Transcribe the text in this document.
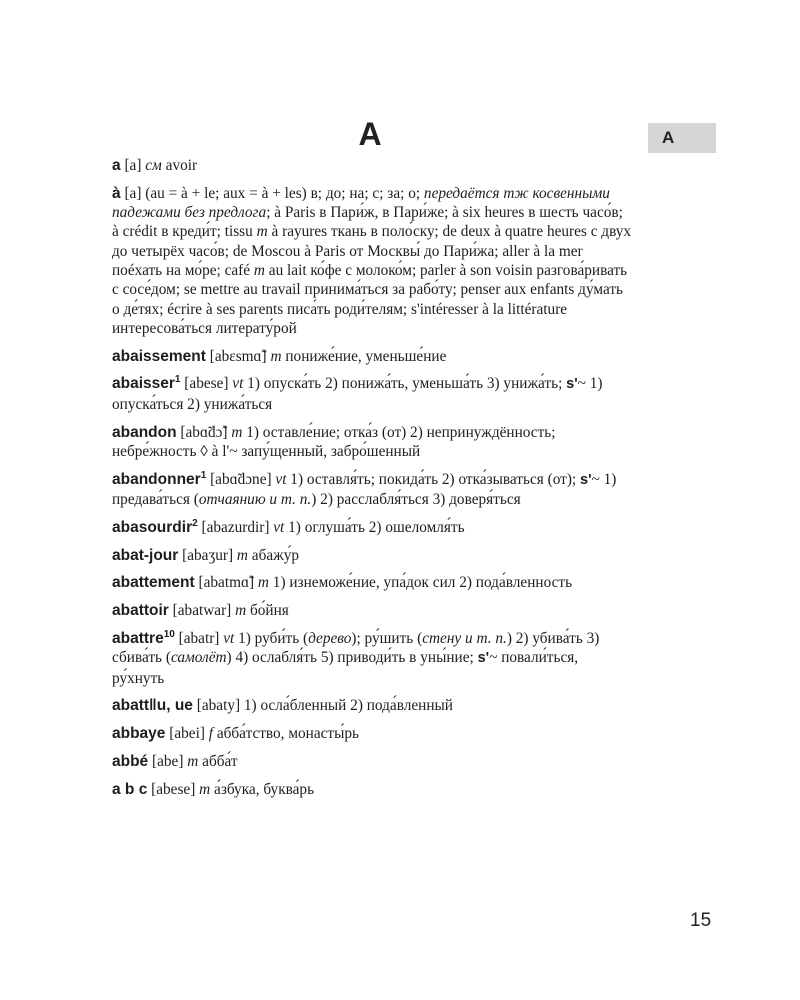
A	A
a [a] см avoir
à [a] (au = à + le; aux = à + les) в; до; на; с; за; о; передаётся тж косвенными падежами без предлога; à Paris в Пари́ж, в Пари́же; à six heures в шесть часо́в; à crédit в креди́т; tissu m à rayures ткань в поло́ску; de deux à quatre heures с двух до четырёх часо́в; de Moscou à Paris от Москвы́ до Пари́жа; aller à la mer поéхать на мо́ре; café m au lait ко́фе с молоко́м; parler à son voisin разгова́ривать с сосе́дом; se mettre au travail принима́ться за рабо́ту; penser aux enfants ду́мать о де́тях; écrire à ses parents писа́ть роди́телям; s'intéresser à la littérature интересова́ться литерату́рой
abaissement [abɛsmɑ̃] m пониже́ние, уменьше́ние
abaisser$^1$ [abese] vt 1) опуска́ть 2) понижа́ть, уменьша́ть 3) унижа́ть; s'~ 1) опуска́ться 2) унижа́ться
abandon [abɑ̃dɔ̃] m 1) оставле́ние; отка́з (от) 2) непринуждённость; небре́жность ◊ à l'~ запу́щенный, забро́шенный
abandonner$^1$ [abɑ̃dɔne] vt 1) оставля́ть; покида́ть 2) отка́зываться (от); s'~ 1) предава́ться (отчаянию и т. п.) 2) расслабля́ться 3) доверя́ться
abasourdir$^2$ [abazurdir] vt 1) оглуша́ть 2) ошеломля́ть
abat-jour [abaʒur] m абажу́р
abattement [abatmɑ̃] m 1) изнеможе́ние, упа́док сил 2) пода́вленность
abattoir [abatwar] m бо́йня
abattre$^{10}$ [abatr] vt 1) руби́ть (дерево); ру́шить (стену и т. п.) 2) убива́ть 3) сбива́ть (самолёт) 4) ослабля́ть 5) приводи́ть в уны́ние; s'~ повали́ться, ру́хнуть
abatt‖u, ue [abaty] 1) осла́бленный 2) пода́вленный
abbaye [abei] f абба́тство, монасты́рь
abbé [abe] m абба́т
a b c [abese] m а́збука, буква́рь
15
